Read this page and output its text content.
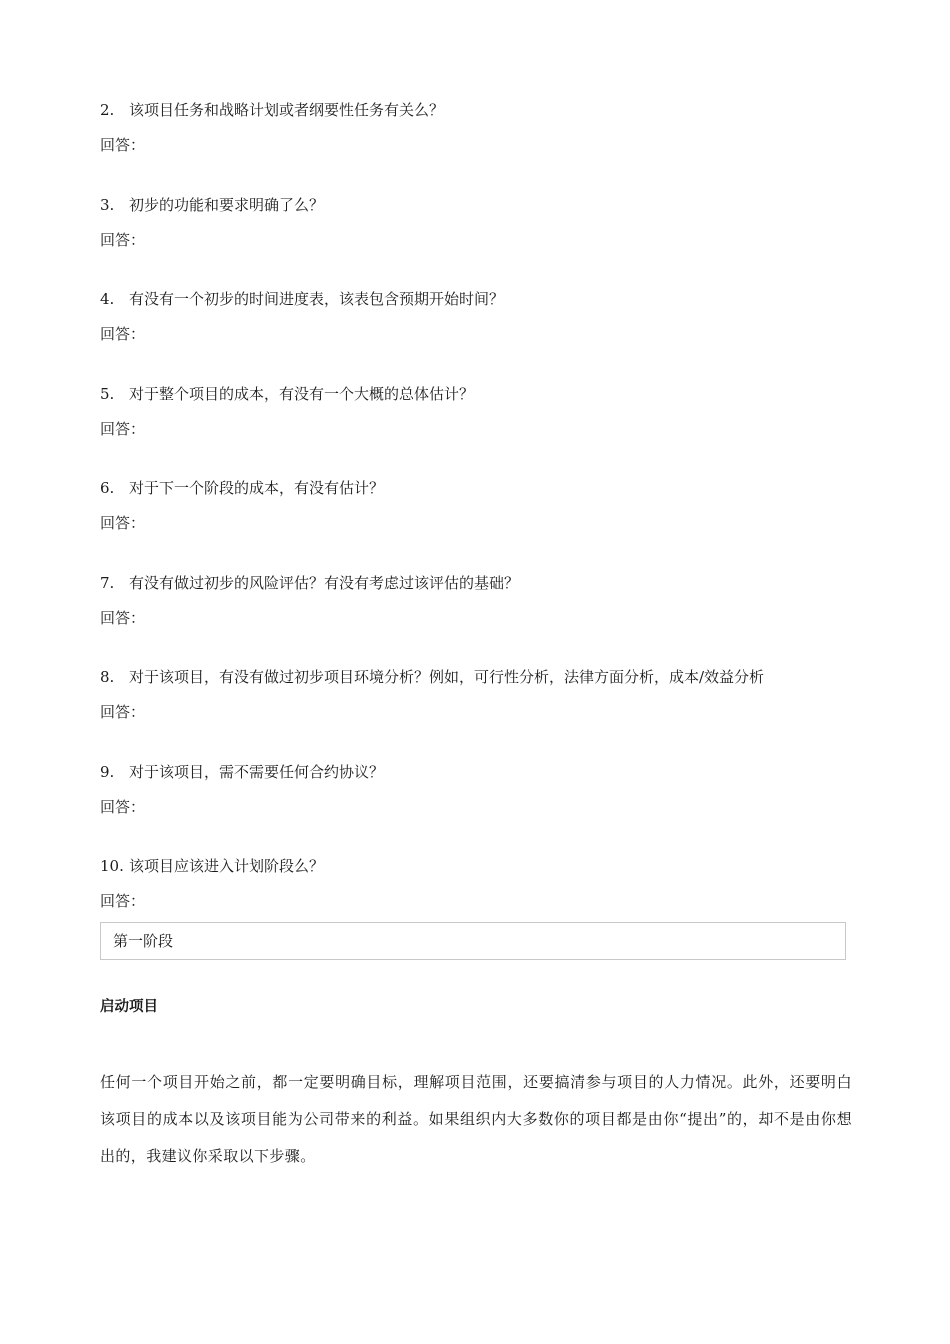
2. 该项目任务和战略计划或者纲要性任务有关么？
回答：
3. 初步的功能和要求明确了么？
回答：
4. 有没有一个初步的时间进度表，该表包含预期开始时间？
回答：
5. 对于整个项目的成本，有没有一个大概的总体估计？
回答：
6. 对于下一个阶段的成本，有没有估计？
回答：
7. 有没有做过初步的风险评估？有没有考虑过该评估的基础？
回答：
8. 对于该项目，有没有做过初步项目环境分析？例如，可行性分析，法律方面分析，成本/效益分析
回答：
9. 对于该项目，需不需要任何合约协议？
回答：
10. 该项目应该进入计划阶段么？
回答：
第一阶段
启动项目
任何一个项目开始之前，都一定要明确目标，理解项目范围，还要搞清参与项目的人力情况。此外，还要明白该项目的成本以及该项目能为公司带来的利益。如果组织内大多数你的项目都是由你“提出”的，却不是由你想出的，我建议你采取以下步骤。
